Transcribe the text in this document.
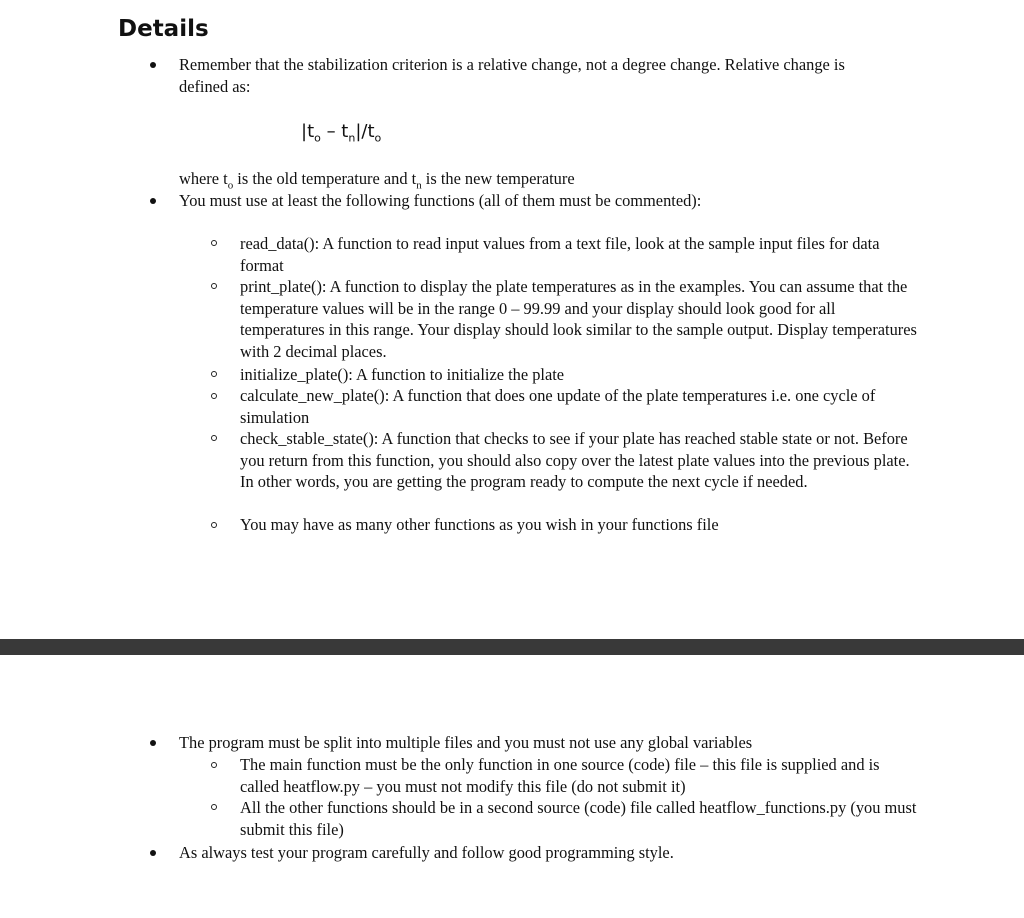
Details

Remember that the stabilization criterion is a relative change, not a degree change. Relative change is defined as:

$|t_o - t_n|/t_o$

where $t_o$ is the old temperature and $t_n$ is the new temperature

You must use at least the following functions (all of them must be commented):

read_data(): A function to read input values from a text file, look at the sample input files for data format

print_plate(): A function to display the plate temperatures as in the examples. You can assume that the temperature values will be in the range 0 – 99.99 and your display should look good for all temperatures in this range. Your display should look similar to the sample output. Display temperatures with 2 decimal places.

initialize_plate(): A function to initialize the plate

calculate_new_plate(): A function that does one update of the plate temperatures i.e. one cycle of simulation

check_stable_state(): A function that checks to see if your plate has reached stable state or not. Before you return from this function, you should also copy over the latest plate values into the previous plate. In other words, you are getting the program ready to compute the next cycle if needed.

You may have as many other functions as you wish in your functions file

The program must be split into multiple files and you must not use any global variables

The main function must be the only function in one source (code) file – this file is supplied and is called heatflow.py – you must not modify this file (do not submit it)

All the other functions should be in a second source (code) file called heatflow_functions.py (you must submit this file)

As always test your program carefully and follow good programming style.
